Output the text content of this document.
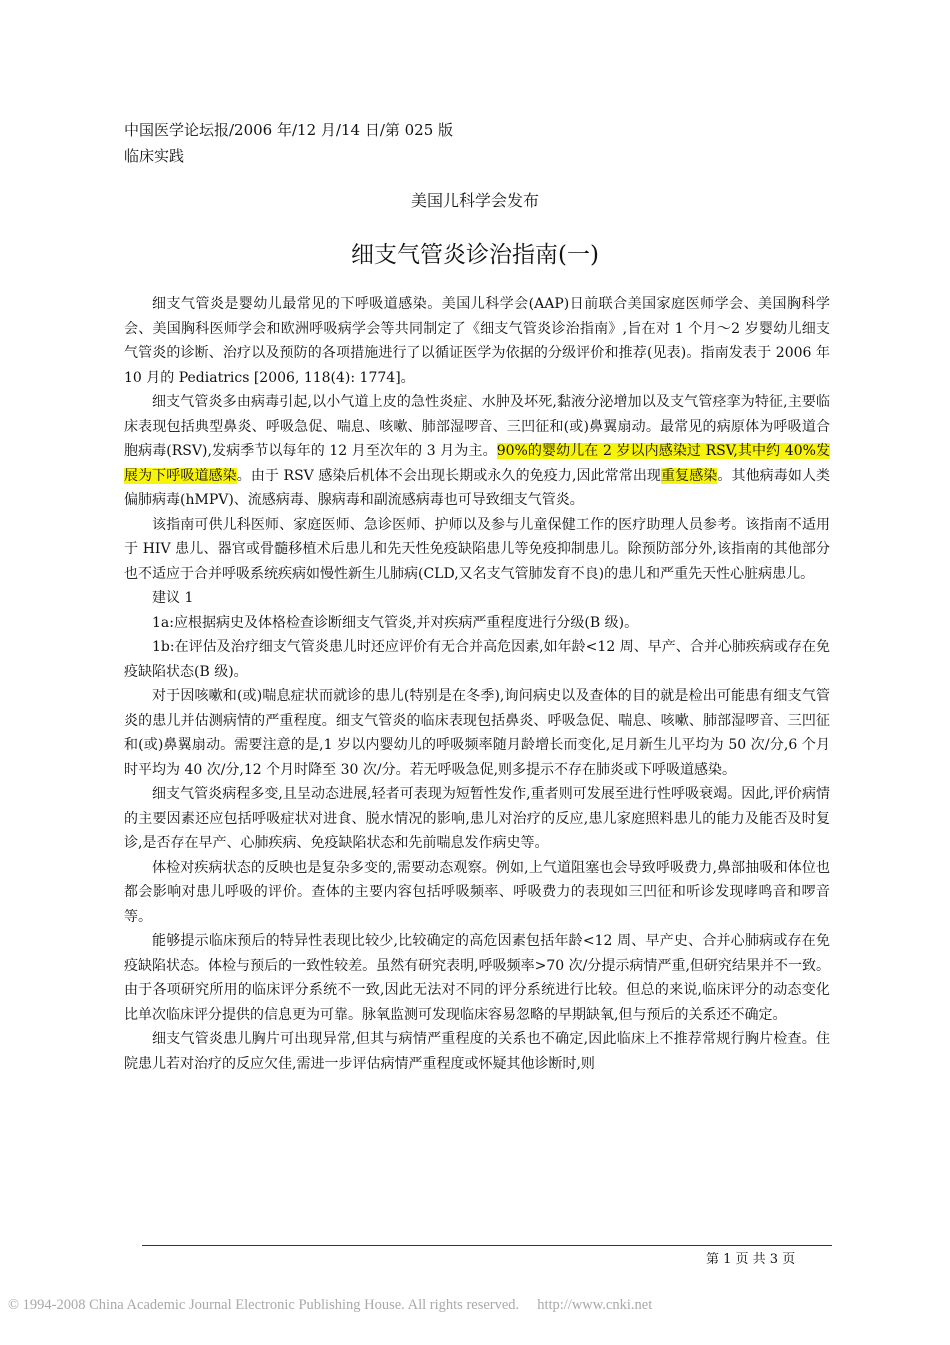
中国医学论坛报/2006 年/12 月/14 日/第 025 版
临床实践
美国儿科学会发布
细支气管炎诊治指南(一)

细支气管炎是婴幼儿最常见的下呼吸道感染。美国儿科学会(AAP)日前联合美国家庭医师学会、美国胸科学会、美国胸科医师学会和欧洲呼吸病学会等共同制定了《细支气管炎诊治指南》,旨在对 1 个月～2 岁婴幼儿细支气管炎的诊断、治疗以及预防的各项措施进行了以循证医学为依据的分级评价和推荐(见表)。指南发表于 2006 年 10 月的 Pediatrics [2006, 118(4): 1774]。

细支气管炎多由病毒引起,以小气道上皮的急性炎症、水肿及坏死,黏液分泌增加以及支气管痉挛为特征,主要临床表现包括典型鼻炎、呼吸急促、喘息、咳嗽、肺部湿啰音、三凹征和(或)鼻翼扇动。最常见的病原体为呼吸道合胞病毒(RSV),发病季节以每年的 12 月至次年的 3 月为主。90%的婴幼儿在 2 岁以内感染过 RSV,其中约 40%发展为下呼吸道感染。由于 RSV 感染后机体不会出现长期或永久的免疫力,因此常常出现重复感染。其他病毒如人类偏肺病毒(hMPV)、流感病毒、腺病毒和副流感病毒也可导致细支气管炎。

该指南可供儿科医师、家庭医师、急诊医师、护师以及参与儿童保健工作的医疗助理人员参考。该指南不适用于 HIV 患儿、器官或骨髓移植术后患儿和先天性免疫缺陷患儿等免疫抑制患儿。除预防部分外,该指南的其他部分也不适应于合并呼吸系统疾病如慢性新生儿肺病(CLD,又名支气管肺发育不良)的患儿和严重先天性心脏病患儿。

建议 1

1a:应根据病史及体格检查诊断细支气管炎,并对疾病严重程度进行分级(B 级)。

1b:在评估及治疗细支气管炎患儿时还应评价有无合并高危因素,如年龄<12 周、早产、合并心肺疾病或存在免疫缺陷状态(B 级)。

对于因咳嗽和(或)喘息症状而就诊的患儿(特别是在冬季),询问病史以及查体的目的就是检出可能患有细支气管炎的患儿并估测病情的严重程度。细支气管炎的临床表现包括鼻炎、呼吸急促、喘息、咳嗽、肺部湿啰音、三凹征和(或)鼻翼扇动。需要注意的是,1 岁以内婴幼儿的呼吸频率随月龄增长而变化,足月新生儿平均为 50 次/分,6 个月时平均为 40 次/分,12 个月时降至 30 次/分。若无呼吸急促,则多提示不存在肺炎或下呼吸道感染。

细支气管炎病程多变,且呈动态进展,轻者可表现为短暂性发作,重者则可发展至进行性呼吸衰竭。因此,评价病情的主要因素还应包括呼吸症状对进食、脱水情况的影响,患儿对治疗的反应,患儿家庭照料患儿的能力及能否及时复诊,是否存在早产、心肺疾病、免疫缺陷状态和先前喘息发作病史等。

体检对疾病状态的反映也是复杂多变的,需要动态观察。例如,上气道阻塞也会导致呼吸费力,鼻部抽吸和体位也都会影响对患儿呼吸的评价。查体的主要内容包括呼吸频率、呼吸费力的表现如三凹征和听诊发现哮鸣音和啰音等。

能够提示临床预后的特异性表现比较少,比较确定的高危因素包括年龄<12 周、早产史、合并心肺病或存在免疫缺陷状态。体检与预后的一致性较差。虽然有研究表明,呼吸频率>70 次/分提示病情严重,但研究结果并不一致。由于各项研究所用的临床评分系统不一致,因此无法对不同的评分系统进行比较。但总的来说,临床评分的动态变化比单次临床评分提供的信息更为可靠。脉氧监测可发现临床容易忽略的早期缺氧,但与预后的关系还不确定。

细支气管炎患儿胸片可出现异常,但其与病情严重程度的关系也不确定,因此临床上不推荐常规行胸片检查。住院患儿若对治疗的反应欠佳,需进一步评估病情严重程度或怀疑其他诊断时,则

第 1 页 共 3 页
© 1994-2008 China Academic Journal Electronic Publishing House. All rights reserved. http://www.cnki.net
